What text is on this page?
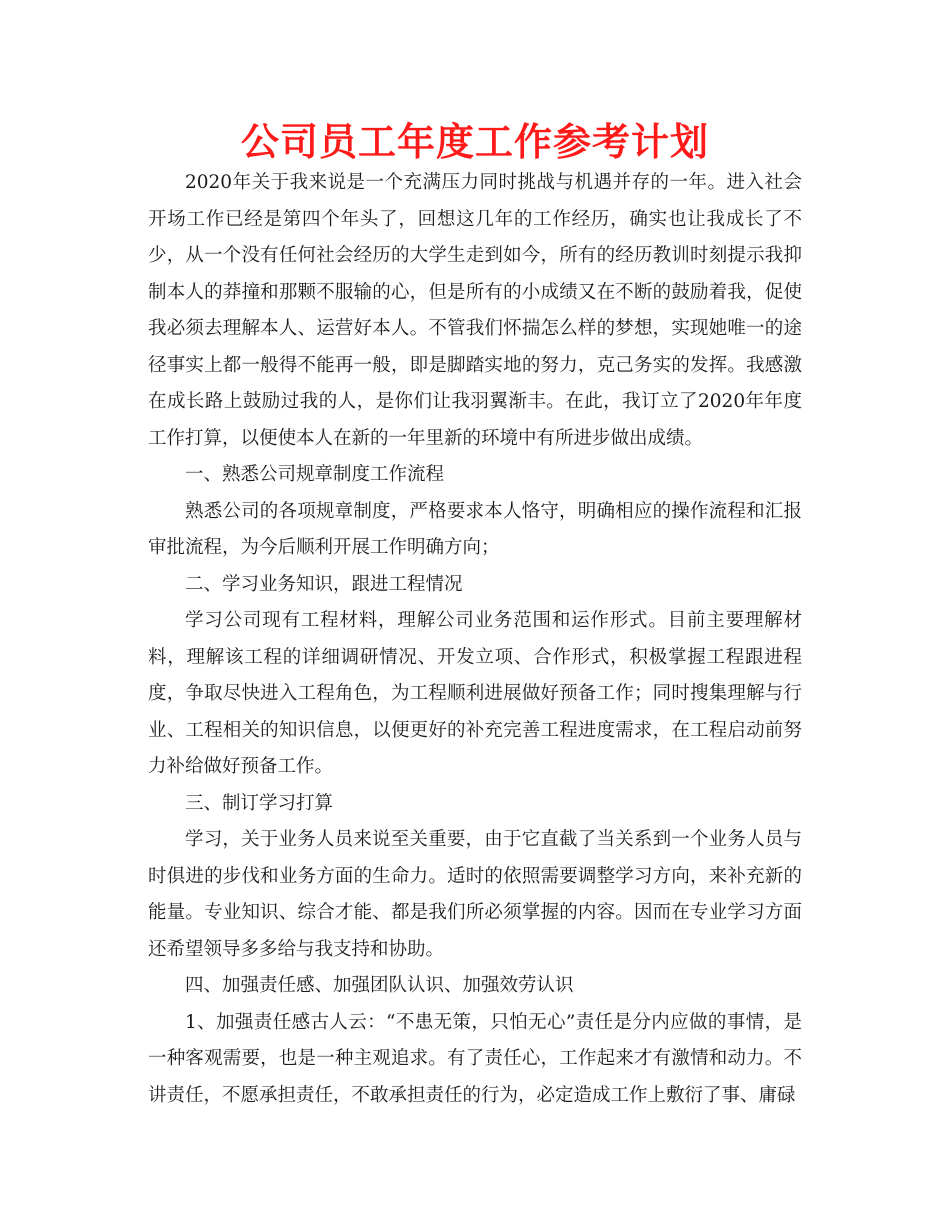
公司员工年度工作参考计划

2020年关于我来说是一个充满压力同时挑战与机遇并存的一年。进入社会开场工作已经是第四个年头了，回想这几年的工作经历，确实也让我成长了不少，从一个没有任何社会经历的大学生走到如今，所有的经历教训时刻提示我抑制本人的莽撞和那颗不服输的心，但是所有的小成绩又在不断的鼓励着我，促使我必须去理解本人、运营好本人。不管我们怀揣怎么样的梦想，实现她唯一的途径事实上都一般得不能再一般，即是脚踏实地的努力，克己务实的发挥。我感激在成长路上鼓励过我的人，是你们让我羽翼渐丰。在此，我订立了2020年年度工作打算，以便使本人在新的一年里新的环境中有所进步做出成绩。

一、熟悉公司规章制度工作流程

熟悉公司的各项规章制度，严格要求本人恪守，明确相应的操作流程和汇报审批流程，为今后顺利开展工作明确方向；

二、学习业务知识，跟进工程情况

学习公司现有工程材料，理解公司业务范围和运作形式。目前主要理解材料，理解该工程的详细调研情况、开发立项、合作形式，积极掌握工程跟进程度，争取尽快进入工程角色，为工程顺利进展做好预备工作；同时搜集理解与行业、工程相关的知识信息，以便更好的补充完善工程进度需求，在工程启动前努力补给做好预备工作。

三、制订学习打算

学习，关于业务人员来说至关重要，由于它直截了当关系到一个业务人员与时俱进的步伐和业务方面的生命力。适时的依照需要调整学习方向，来补充新的能量。专业知识、综合才能、都是我们所必须掌握的内容。因而在专业学习方面还希望领导多多给与我支持和协助。

四、加强责任感、加强团队认识、加强效劳认识

1、加强责任感古人云：“不患无策，只怕无心”责任是分内应做的事情，是一种客观需要，也是一种主观追求。有了责任心，工作起来才有激情和动力。不讲责任，不愿承担责任，不敢承担责任的行为，必定造成工作上敷衍了事、庸碌
